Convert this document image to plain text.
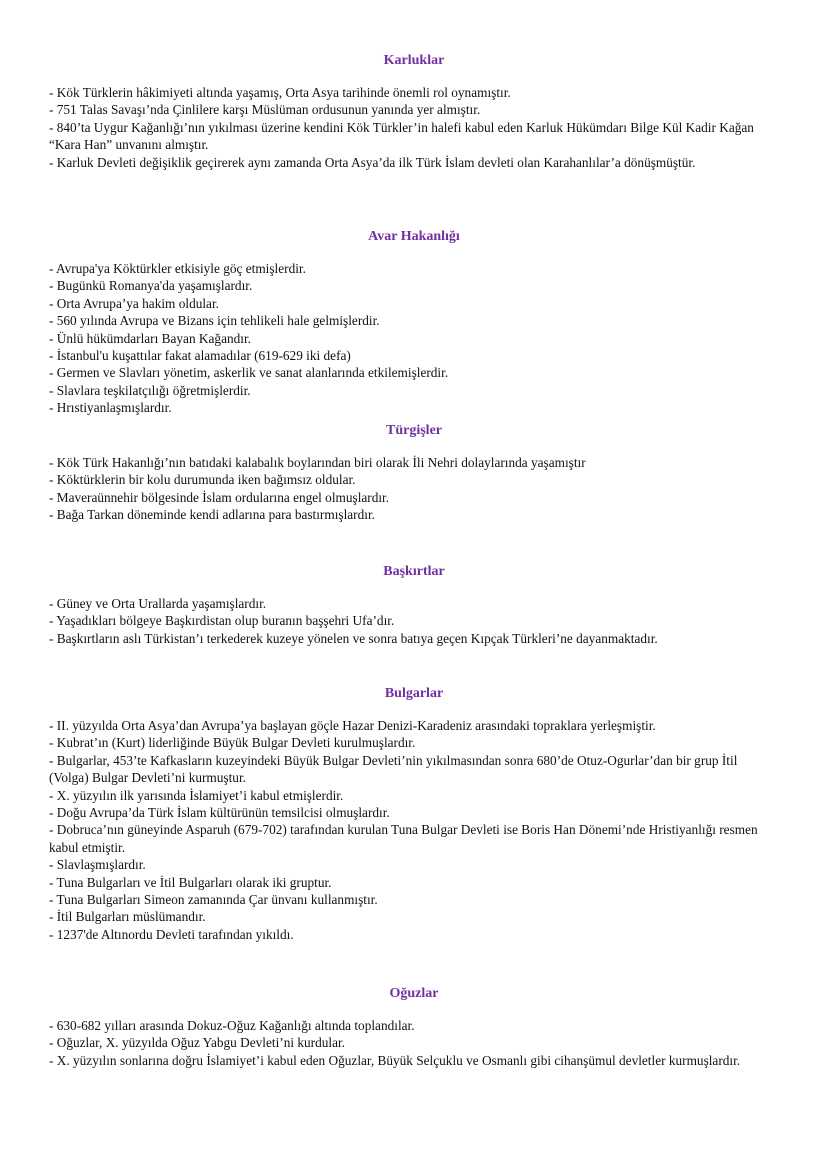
Karluklar
- Kök Türklerin hâkimiyeti altında yaşamış, Orta Asya tarihinde önemli rol oynamıştır.
- 751 Talas Savaşı’nda Çinlilere karşı Müslüman ordusunun yanında yer almıştır.
- 840’ta Uygur Kağanlığı’nın yıkılması üzerine kendini Kök Türkler’in halefi kabul eden Karluk Hükümdarı Bilge Kül Kadir Kağan “Kara Han” unvanını almıştır.
- Karluk Devleti değişiklik geçirerek aynı zamanda Orta Asya’da ilk Türk İslam devleti olan Karahanlılar’a dönüşmüştür.
Avar Hakanlığı
- Avrupa'ya Köktürkler etkisiyle göç etmişlerdir.
- Bugünkü Romanya'da yaşamışlardır.
- Orta Avrupa’ya hakim oldular.
- 560 yılında Avrupa ve Bizans için tehlikeli hale gelmişlerdir.
- Ünlü hükümdarları Bayan Kağandır.
- İstanbul'u kuşattılar fakat alamadılar (619-629 iki defa)
- Germen ve Slavları yönetim, askerlik ve sanat alanlarında etkilemişlerdir.
- Slavlara teşkilatçılığı öğretmişlerdir.
- Hrıstiyanlaşmışlardır.
Türgişler
- Kök Türk Hakanlığı’nın batıdaki kalabalık boylarından biri olarak İli Nehri dolaylarında yaşamıştır
- Köktürklerin bir kolu durumunda iken bağımsız oldular.
- Maveraünnehir bölgesinde İslam ordularına engel olmuşlardır.
- Bağa Tarkan döneminde kendi adlarına para bastırmışlardır.
Başkırtlar
- Güney ve Orta Urallarda yaşamışlardır.
- Yaşadıkları bölgeye Başkırdistan olup buranın başşehri Ufa’dır.
- Başkırtların aslı Türkistan’ı terkederek kuzeye yönelen ve sonra batıya geçen Kıpçak Türkleri’ne dayanmaktadır.
Bulgarlar
- II. yüzyılda Orta Asya’dan Avrupa’ya başlayan göçle Hazar Denizi-Karadeniz arasındaki topraklara yerleşmiştir.
- Kubrat’ın (Kurt) liderliğinde Büyük Bulgar Devleti kurulmuşlardır.
- Bulgarlar, 453’te Kafkasların kuzeyindeki Büyük Bulgar Devleti’nin yıkılmasından sonra 680’de Otuz-Ogurlar’dan bir grup İtil (Volga) Bulgar Devleti’ni kurmuştur.
- X. yüzyılın ilk yarısında İslamiyet’i kabul etmişlerdir.
- Doğu Avrupa’da Türk İslam kültürünün temsilcisi olmuşlardır.
- Dobruca’nın güneyinde Asparuh (679-702) tarafından kurulan Tuna Bulgar Devleti ise Boris Han Dönemi’nde Hristiyanlığı resmen kabul etmiştir.
- Slavlaşmışlardır.
- Tuna Bulgarları ve İtil Bulgarları olarak iki gruptur.
- Tuna Bulgarları Simeon zamanında Çar ünvanı kullanmıştır.
- İtil Bulgarları müslümandır.
- 1237'de Altınordu Devleti tarafından yıkıldı.
Oğuzlar
- 630-682 yılları arasında Dokuz-Oğuz Kağanlığı altında toplandılar.
- Oğuzlar, X. yüzyılda Oğuz Yabgu Devleti’ni kurdular.
- X. yüzyılın sonlarına doğru İslamiyet’i kabul eden Oğuzlar, Büyük Selçuklu ve Osmanlı gibi cihanşümul devletler kurmuşlardır.
